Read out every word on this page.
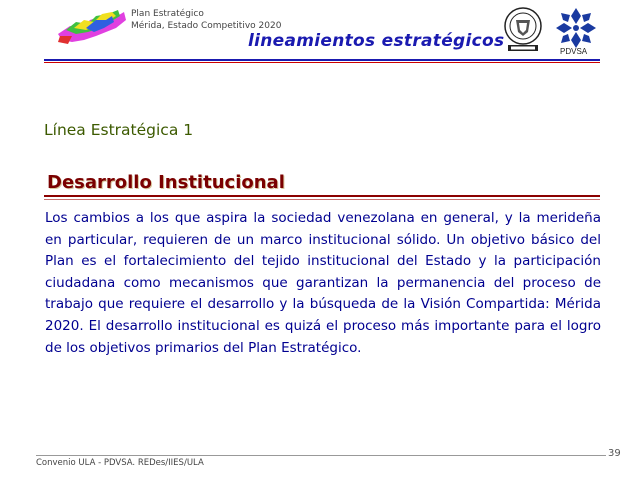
Plan Estratégico
Mérida, Estado Competitivo 2020
lineamientos estratégicos
PDVSA
Línea Estratégica 1
Desarrollo Institucional
Los cambios a los que aspira la sociedad venezolana en general, y la merideña en particular, requieren de un marco institucional sólido. Un objetivo básico del Plan es el fortalecimiento del tejido institucional del Estado y la participación ciudadana como mecanismos que garantizan la permanencia del proceso de trabajo que requiere el desarrollo y la búsqueda de la Visión Compartida: Mérida 2020. El desarrollo institucional es quizá el proceso más importante para el logro de los objetivos primarios del Plan Estratégico.
39
Convenio ULA - PDVSA. REDes/IIES/ULA
